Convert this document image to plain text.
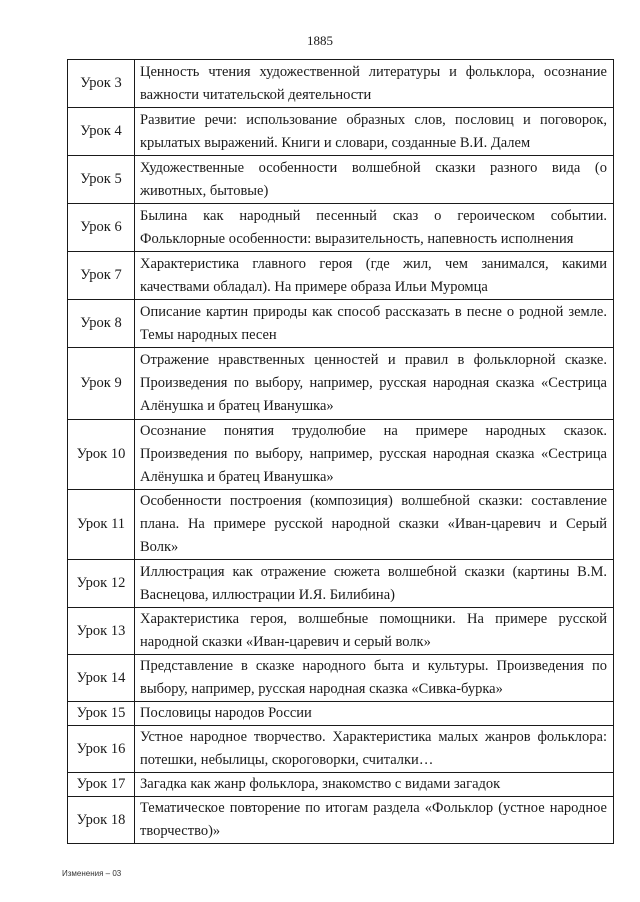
1885
Урок 3	Ценность чтения художественной литературы и фольклора, осознание важности читательской деятельности
Урок 4	Развитие речи: использование образных слов, пословиц и поговорок, крылатых выражений. Книги и словари, созданные В.И. Далем
Урок 5	Художественные особенности волшебной сказки разного вида (о животных, бытовые)
Урок 6	Былина как народный песенный сказ о героическом событии. Фольклорные особенности: выразительность, напевность исполнения
Урок 7	Характеристика главного героя (где жил, чем занимался, какими качествами обладал). На примере образа Ильи Муромца
Урок 8	Описание картин природы как способ рассказать в песне о родной земле. Темы народных песен
Урок 9	Отражение нравственных ценностей и правил в фольклорной сказке. Произведения по выбору, например, русская народная сказка «Сестрица Алёнушка и братец Иванушка»
Урок 10	Осознание понятия трудолюбие на примере народных сказок. Произведения по выбору, например, русская народная сказка «Сестрица Алёнушка и братец Иванушка»
Урок 11	Особенности построения (композиция) волшебной сказки: составление плана. На примере русской народной сказки «Иван-царевич и Серый Волк»
Урок 12	Иллюстрация как отражение сюжета волшебной сказки (картины В.М. Васнецова, иллюстрации И.Я. Билибина)
Урок 13	Характеристика героя, волшебные помощники. На примере русской народной сказки «Иван-царевич и серый волк»
Урок 14	Представление в сказке народного быта и культуры. Произведения по выбору, например, русская народная сказка «Сивка-бурка»
Урок 15	Пословицы народов России
Урок 16	Устное народное творчество. Характеристика малых жанров фольклора: потешки, небылицы, скороговорки, считалки…
Урок 17	Загадка как жанр фольклора, знакомство с видами загадок
Урок 18	Тематическое повторение по итогам раздела «Фольклор (устное народное творчество)»
Изменения – 03
